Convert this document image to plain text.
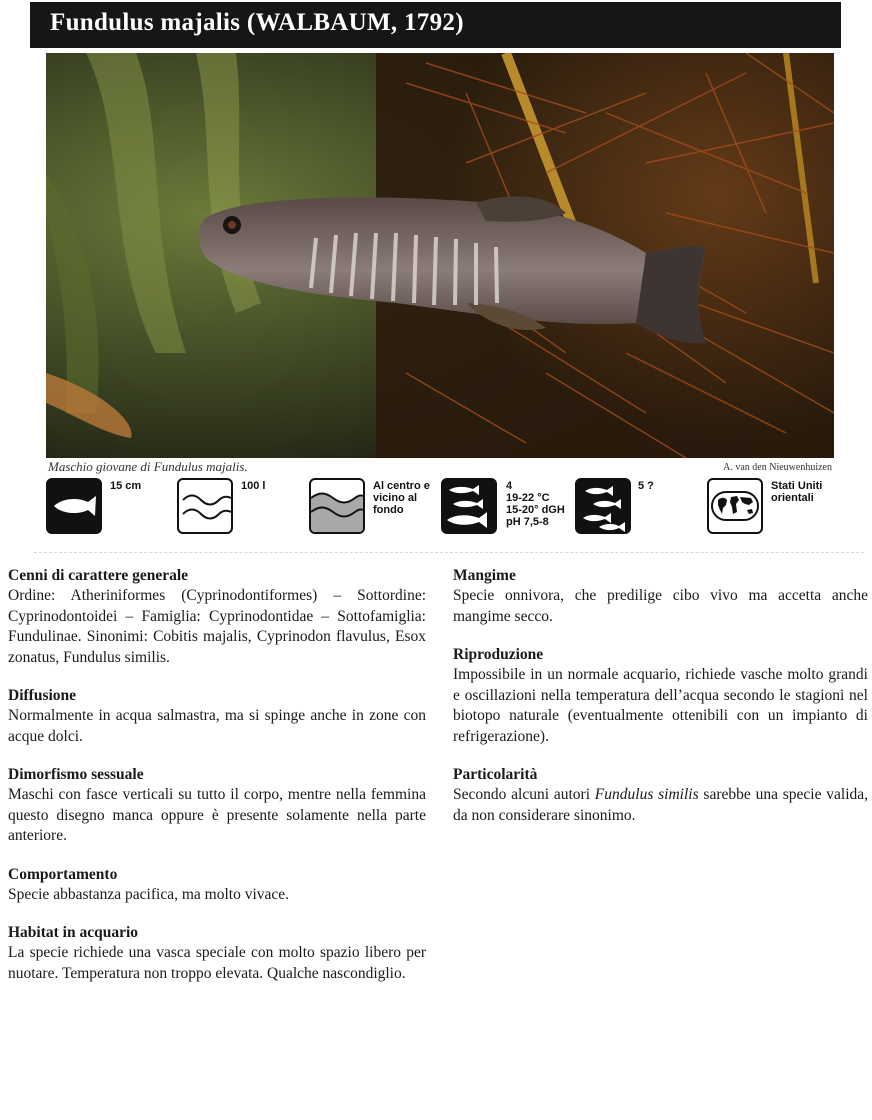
Fundulus majalis (WALBAUM, 1792)
Maschio giovane di Fundulus majalis.	A. van den Nieuwenhuizen
15 cm	100 l	Al centro e
vicino al
fondo
4
19-22 °C
15-20° dGH
pH 7,5-8
5 ?	Stati Uniti
orientali
Cenni di carattere generale

Ordine: Atheriniformes (Cyprinodontiformes) – Sottordine: Cyprinodontoidei – Famiglia: Cyprinodontidae – Sottofamiglia: Fundulinae. Sinonimi: Cobitis majalis, Cyprinodon flavulus, Esox zonatus, Fundulus similis.

Diffusione

Normalmente in acqua salmastra, ma si spinge anche in zone con acque dolci.

Dimorfismo sessuale

Maschi con fasce verticali su tutto il corpo, mentre nella femmina questo disegno manca oppure è presente solamente nella parte anteriore.

Comportamento

Specie abbastanza pacifica, ma molto vivace.

Habitat in acquario

La specie richiede una vasca speciale con molto spazio libero per nuotare. Temperatura non troppo elevata. Qualche nascondiglio.

Mangime

Specie onnivora, che predilige cibo vivo ma accetta anche mangime secco.

Riproduzione

Impossibile in un normale acquario, richiede vasche molto grandi e oscillazioni nella temperatura dell’acqua secondo le stagioni nel biotopo naturale (eventualmente ottenibili con un impianto di refrigerazione).

Particolarità

Secondo alcuni autori Fundulus similis sarebbe una specie valida, da non considerare sinonimo.
